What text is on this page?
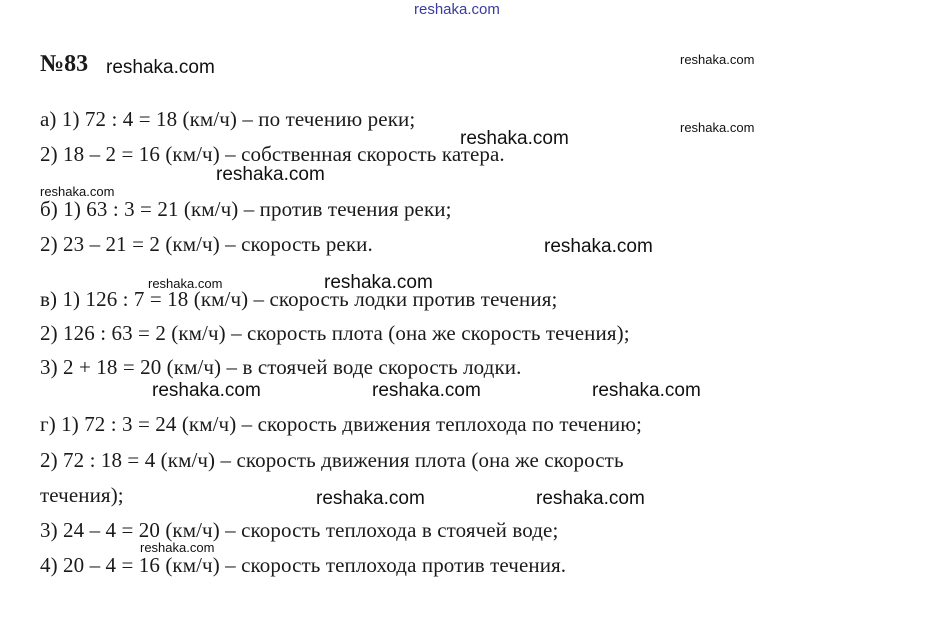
reshaka.com
№83 reshaka.com	reshaka.com
а) 1) 72 : 4 = 18 (км/ч) – по течению реки;	reshaka.com
reshaka.com
2) 18 – 2 = 16 (км/ч) – собственная скорость катера.
reshaka.com
reshaka.com
б) 1) 63 : 3 = 21 (км/ч) – против течения реки;
2) 23 – 21 = 2 (км/ч) – скорость реки.	reshaka.com
reshaka.com	reshaka.com
в) 1) 126 : 7 = 18 (км/ч) – скорость лодки против течения;
2) 126 : 63 = 2 (км/ч) – скорость плота (она же скорость течения);
3) 2 + 18 = 20 (км/ч) – в стоячей воде скорость лодки.
reshaka.com	reshaka.com	reshaka.com
г) 1) 72 : 3 = 24 (км/ч) – скорость движения теплохода по течению;
2) 72 : 18 = 4 (км/ч) – скорость движения плота (она же скорость
течения);	reshaka.com	reshaka.com
3) 24 – 4 = 20 (км/ч) – скорость теплохода в стоячей воде;
reshaka.com
4) 20 – 4 = 16 (км/ч) – скорость теплохода против течения.
